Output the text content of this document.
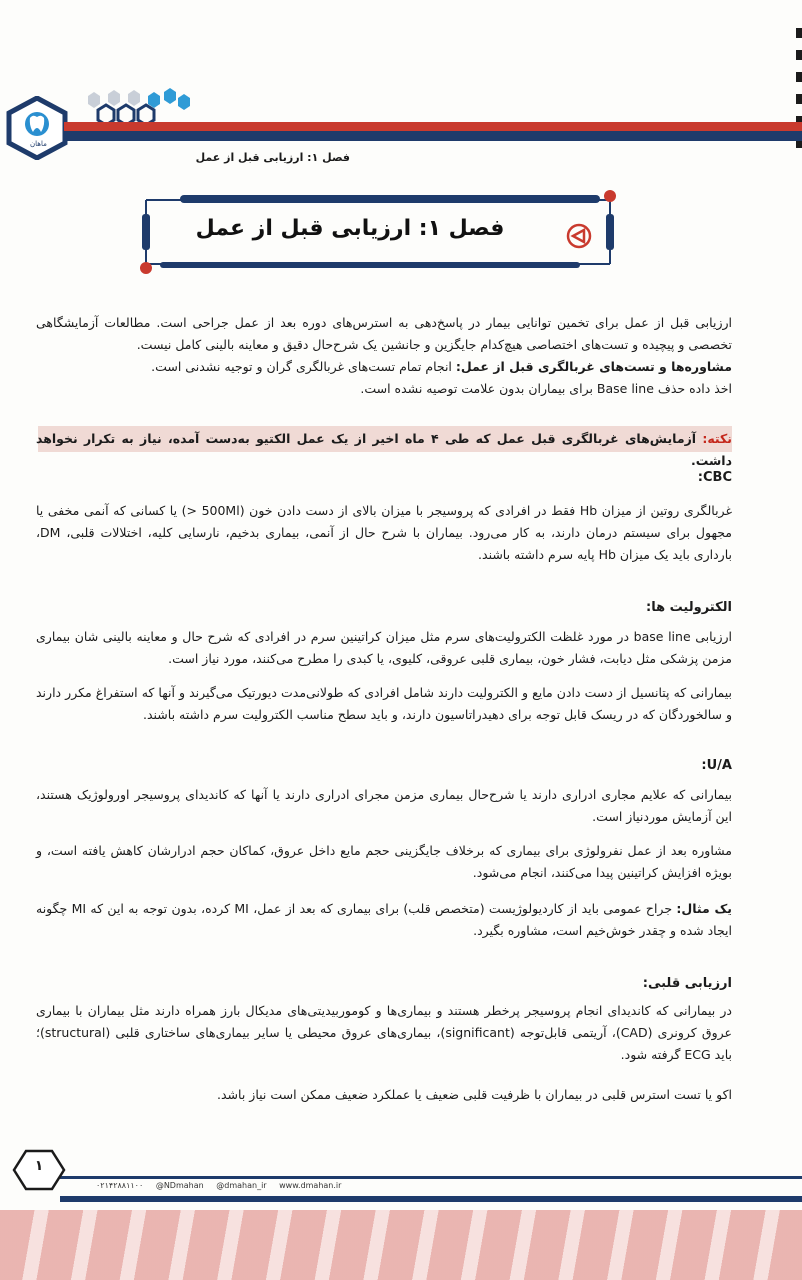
ماهان
فصل ۱: ارزیابی قبل از عمل
فصل ۱: ارزیابی قبل از عمل
ارزیابی قبل از عمل برای تخمین توانایی بیمار در پاسخ‌دهی به استرس‌های دوره بعد از عمل جراحی است. مطالعات آزمایشگاهی تخصصی و پیچیده و تست‌های اختصاصی هیچ‌کدام جایگزین و جانشین یک شرح‌حال دقیق و معاینه بالینی کامل نیست.
مشاوره‌ها و تست‌های غربالگری قبل از عمل: انجام تمام تست‌های غربالگری گران و توجیه نشدنی است.
اخذ داده حذف Base line برای بیماران بدون علامت توصیه نشده است.
نکته: آزمایش‌های غربالگری قبل عمل که طی ۴ ماه اخیر از یک عمل الکتیو به‌دست آمده، نیاز به تکرار نخواهد داشت.
CBC:
غربالگری روتین از میزان Hb فقط در افرادی که پروسیجر با میزان بالای از دست دادن خون (500Ml <) یا کسانی که آنمی مخفی یا مجهول برای سیستم درمان دارند، به کار می‌رود. بیماران با شرح حال از آنمی، بیماری بدخیم، نارسایی کلیه، اختلالات قلبی، DM، بارداری باید یک میزان Hb پایه سرم داشته باشند.
الکترولیت ها:
ارزیابی base line در مورد غلظت الکترولیت‌های سرم مثل میزان کراتینین سرم در افرادی که شرح حال و معاینه بالینی شان بیماری مزمن پزشکی مثل دیابت، فشار خون، بیماری قلبی عروقی، کلیوی، یا کبدی را مطرح می‌کنند، مورد نیاز است.
بیمارانی که پتانسیل از دست دادن مایع و الکترولیت دارند شامل افرادی که طولانی‌مدت دیورتیک می‌گیرند و آنها که استفراغ مکرر دارند و سالخوردگان که در ریسک قابل توجه برای دهیدراتاسیون دارند، و باید سطح مناسب الکترولیت سرم داشته باشند.
U/A:
بیمارانی که علایم مجاری ادراری دارند یا شرح‌حال بیماری مزمن مجرای ادراری دارند یا آنها که کاندیدای پروسیجر اورولوژیک هستند، این آزمایش موردنیاز است.
مشاوره بعد از عمل نفرولوژی برای بیماری که برخلاف جایگزینی حجم مایع داخل عروق، کماکان حجم ادرارشان کاهش یافته است، و بویژه افزایش کراتینین پیدا می‌کنند، انجام می‌شود.
یک مثال: جراح عمومی باید از کاردیولوژیست (متخصص قلب) برای بیماری که بعد از عمل، MI کرده، بدون توجه به این که MI چگونه ایجاد شده و چقدر خوش‌خیم است، مشاوره بگیرد.
ارزیابی قلبی:
در بیمارانی که کاندیدای انجام پروسیجر پرخطر هستند و بیماری‌ها و کوموربیدیتی‌های مدیکال بارز همراه دارند مثل بیماران با بیماری عروق کرونری (CAD)، آریتمی قابل‌توجه (significant)، بیماری‌های عروق محیطی یا سایر بیماری‌های ساختاری قلبی (structural)؛ باید ECG گرفته شود.
اکو یا تست استرس قلبی در بیماران با ظرفیت قلبی ضعیف یا عملکرد ضعیف ممکن است نیاز باشد.
۱
۰۲۱۴۲۸۸۱۱۰۰ @NDmahan @dmahan_ir www.dmahan.ir
